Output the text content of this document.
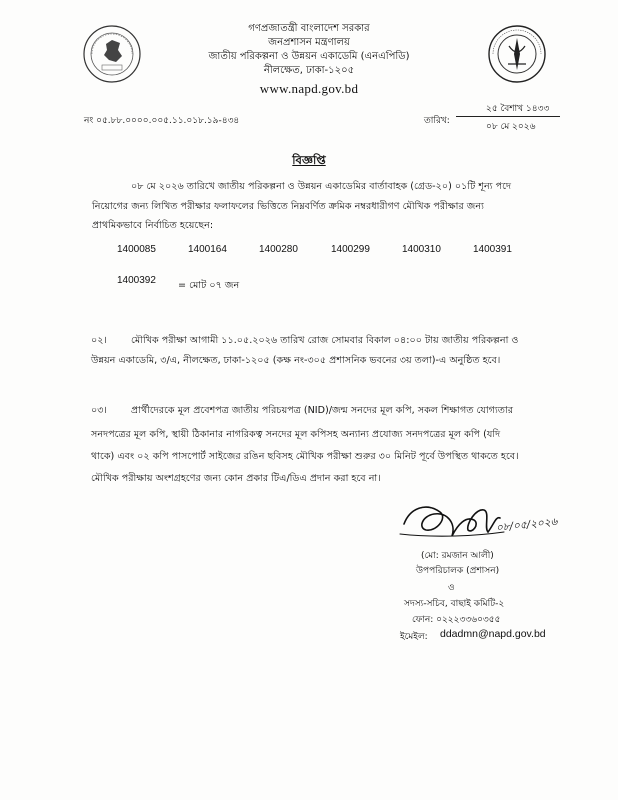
গণপ্রজাতন্ত্রী বাংলাদেশ সরকার
জনপ্রশাসন মন্ত্রণালয়
জাতীয় পরিকল্পনা ও উন্নয়ন একাডেমি (এনএপিডি)
নীলক্ষেত, ঢাকা-১২০৫
www.napd.gov.bd
নং ০৫.৮৮.০০০০.০০৫.১১.০১৮.১৯-৪৩৪	তারিখ:
২৫ বৈশাখ ১৪৩৩
০৮ মে ২০২৬
বিজ্ঞপ্তি
০৮ মে ২০২৬ তারিখে জাতীয় পরিকল্পনা ও উন্নয়ন একাডেমির বার্তাবাহক (গ্রেড-২০) ০১টি শূন্য পদে
নিয়োগের জন্য লিখিত পরীক্ষার ফলাফলের ভিত্তিতে নিম্নবর্ণিত ক্রমিক নম্বরধারীগণ মৌখিক পরীক্ষার জন্য
প্রাথমিকভাবে নির্বাচিত হয়েছেন:
1400085	1400164	1400280	1400299	1400310	1400391
1400392 = মোট ০৭ জন
০২।	মৌখিক পরীক্ষা আগামী ১১.০৫.২০২৬ তারিখ রোজ সোমবার বিকাল ০৪:০০ টায় জাতীয় পরিকল্পনা ও
উন্নয়ন একাডেমি, ৩/এ, নীলক্ষেত, ঢাকা-১২০৫ (কক্ষ নং-৩০৫ প্রশাসনিক ভবনের ৩য় তলা)-এ অনুষ্ঠিত হবে।
০৩।	প্রার্থীদেরকে মূল প্রবেশপত্র জাতীয় পরিচয়পত্র (NID)/জন্ম সনদের মূল কপি, সকল শিক্ষাগত যোগ্যতার
সনদপত্রের মূল কপি, স্থায়ী ঠিকানার নাগরিকত্ব সনদের মূল কপিসহ অন্যান্য প্রযোজ্য সনদপত্রের মূল কপি (যদি
থাকে) এবং ০২ কপি পাসপোর্ট সাইজের রঙিন ছবিসহ মৌখিক পরীক্ষা শুরুর ৩০ মিনিট পূর্বে উপস্থিত থাকতে হবে।
মৌখিক পরীক্ষায় অংশগ্রহণের জন্য কোন প্রকার টিএ/ডিএ প্রদান করা হবে না।
০৮/০৫/২০২৬
(মো: রমজান আলী)
উপপরিচালক (প্রশাসন)
ও
সদস্য-সচিব, বাছাই কমিটি-২
ফোন: ০২২২৩৩৬০৩৫৫
ইমেইল: ddadmn@napd.gov.bd
